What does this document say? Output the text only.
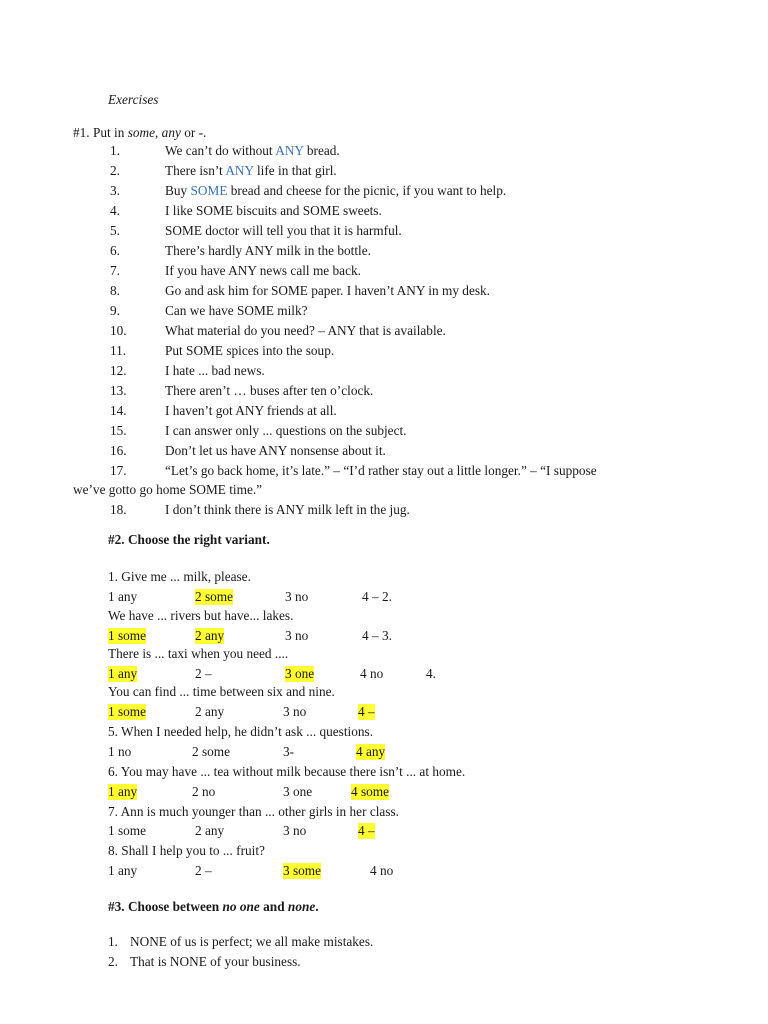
Exercises
#1. Put in some, any or -.
1.	We can’t do without ANY bread.
2.	There isn’t ANY life in that girl.
3.	Buy SOME bread and cheese for the picnic, if you want to help.
4.	I like SOME biscuits and SOME sweets.
5.	SOME doctor will tell you that it is harmful.
6.	There’s hardly ANY milk in the bottle.
7.	If you have ANY news call me back.
8.	Go and ask him for SOME paper. I haven’t ANY in my desk.
9.	Can we have SOME milk?
10.	What material do you need? – ANY that is available.
11.	Put SOME spices into the soup.
12.	I hate ... bad news.
13.	There aren’t … buses after ten o’clock.
14.	I haven’t got ANY friends at all.
15.	I can answer only ... questions on the subject.
16.	Don’t let us have ANY nonsense about it.
17.	“Let’s go back home, it’s late.” – “I’d rather stay out a little longer.” – “I suppose
we’ve gotto go home SOME time.”
18.	I don’t think there is ANY milk left in the jug.
#2. Choose the right variant.
1. Give me ... milk, please.
1 any	2 some	3 no	4 – 2.
We have ... rivers but have... lakes.
1 some	2 any	3 no	4 – 3.
There is ... taxi when you need ....
1 any	2 –	3 one	4 no	4.
You can find ... time between six and nine.
1 some	2 any	3 no	4 –
5. When I needed help, he didn’t ask ... questions.
1 no	2 some	3-	4 any
6. You may have ... tea without milk because there isn’t ... at home.
1 any	2 no	3 one	4 some
7. Ann is much younger than ... other girls in her class.
1 some	2 any	3 no	4 –
8. Shall I help you to ... fruit?
1 any	2 –	3 some	4 no
#3. Choose between no one and none.
1. NONE of us is perfect; we all make mistakes.
2. That is NONE of your business.
